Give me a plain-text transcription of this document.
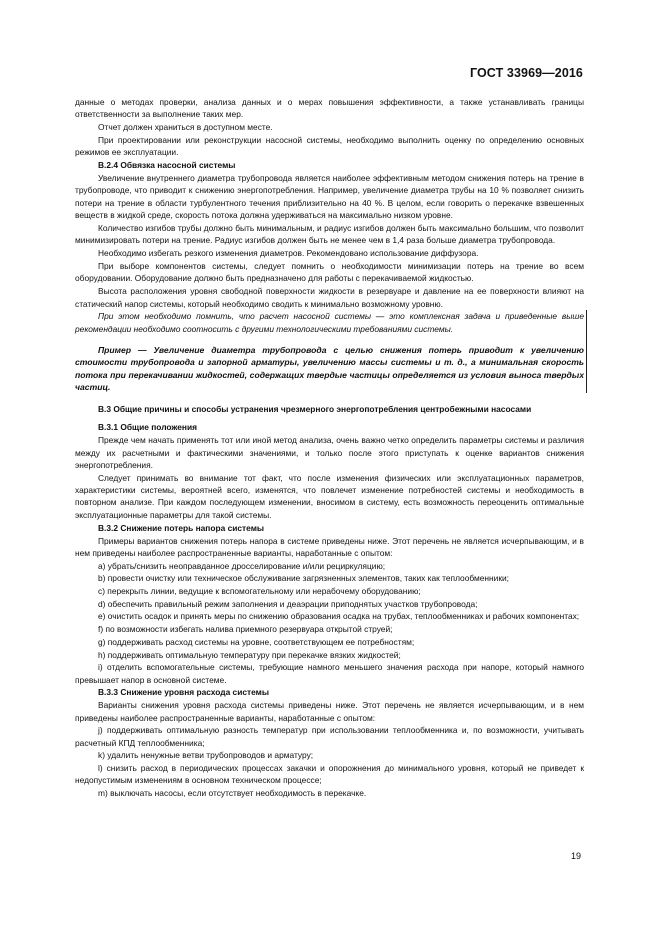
ГОСТ 33969—2016
данные о методах проверки, анализа данных и о мерах повышения эффективности, а также устанавливать границы ответственности за выполнение таких мер.
Отчет должен храниться в доступном месте.
При проектировании или реконструкции насосной системы, необходимо выполнить оценку по определению основных режимов ее эксплуатации.
В.2.4 Обвязка насосной системы
Увеличение внутреннего диаметра трубопровода является наиболее эффективным методом снижения потерь на трение в трубопроводе, что приводит к снижению энергопотребления. Например, увеличение диаметра трубы на 10 % позволяет снизить потери на трение в области турбулентного течения приблизительно на 40 %. В целом, если говорить о перекачке взвешенных веществ в жидкой среде, скорость потока должна удерживаться на максимально низком уровне.
Количество изгибов трубы должно быть минимальным, и радиус изгибов должен быть максимально большим, что позволит минимизировать потери на трение. Радиус изгибов должен быть не менее чем в 1,4 раза больше диаметра трубопровода.
Необходимо избегать резкого изменения диаметров. Рекомендовано использование диффузора.
При выборе компонентов системы, следует помнить о необходимости минимизации потерь на трение во всем оборудовании. Оборудование должно быть предназначено для работы с перекачиваемой жидкостью.
Высота расположения уровня свободной поверхности жидкости в резервуаре и давление на ее поверхности влияют на статический напор системы, который необходимо сводить к минимально возможному уровню.
При этом необходимо помнить, что расчет насосной системы — это комплексная задача и приведенные выше рекомендации необходимо соотносить с другими технологическими требованиями системы.
Пример — Увеличение диаметра трубопровода с целью снижения потерь приводит к увеличению стоимости трубопровода и запорной арматуры, увеличению массы системы и т. д., а минимальная скорость потока при перекачивании жидкостей, содержащих твердые частицы определяется из условия выноса твердых частиц.
В.3 Общие причины и способы устранения чрезмерного энергопотребления центробежными насосами
В.3.1 Общие положения
Прежде чем начать применять тот или иной метод анализа, очень важно четко определить параметры системы и различия между их расчетными и фактическими значениями, и только после этого приступать к оценке вариантов снижения энергопотребления.
Следует принимать во внимание тот факт, что после изменения физических или эксплуатационных параметров, характеристики системы, вероятней всего, изменятся, что повлечет изменение потребностей системы и необходимость в повторном анализе. При каждом последующем изменении, вносимом в систему, есть возможность переоценить оптимальные эксплуатационные параметры для такой системы.
В.3.2 Снижение потерь напора системы
Примеры вариантов снижения потерь напора в системе приведены ниже. Этот перечень не является исчерпывающим, и в нем приведены наиболее распространенные варианты, наработанные с опытом:
a) убрать/снизить неоправданное дросселирование и/или рециркуляцию;
b) провести очистку или техническое обслуживание загрязненных элементов, таких как теплообменники;
c) перекрыть линии, ведущие к вспомогательному или нерабочему оборудованию;
d) обеспечить правильный режим заполнения и деаэрации приподнятых участков трубопровода;
e) очистить осадок и принять меры по снижению образования осадка на трубах, теплообменниках и рабочих компонентах;
f) по возможности избегать налива приемного резервуара открытой струей;
g) поддерживать расход системы на уровне, соответствующем ее потребностям;
h) поддерживать оптимальную температуру при перекачке вязких жидкостей;
i) отделить вспомогательные системы, требующие намного меньшего значения расхода при напоре, который намного превышает напор в основной системе.
В.3.3 Снижение уровня расхода системы
Варианты снижения уровня расхода системы приведены ниже. Этот перечень не является исчерпывающим, и в нем приведены наиболее распространенные варианты, наработанные с опытом:
j) поддерживать оптимальную разность температур при использовании теплообменника и, по возможности, учитывать расчетный КПД теплообменника;
k) удалить ненужные ветви трубопроводов и арматуру;
l) снизить расход в периодических процессах закачки и опорожнения до минимального уровня, который не приведет к недопустимым изменениям в основном техническом процессе;
m) выключать насосы, если отсутствует необходимость в перекачке.
19
